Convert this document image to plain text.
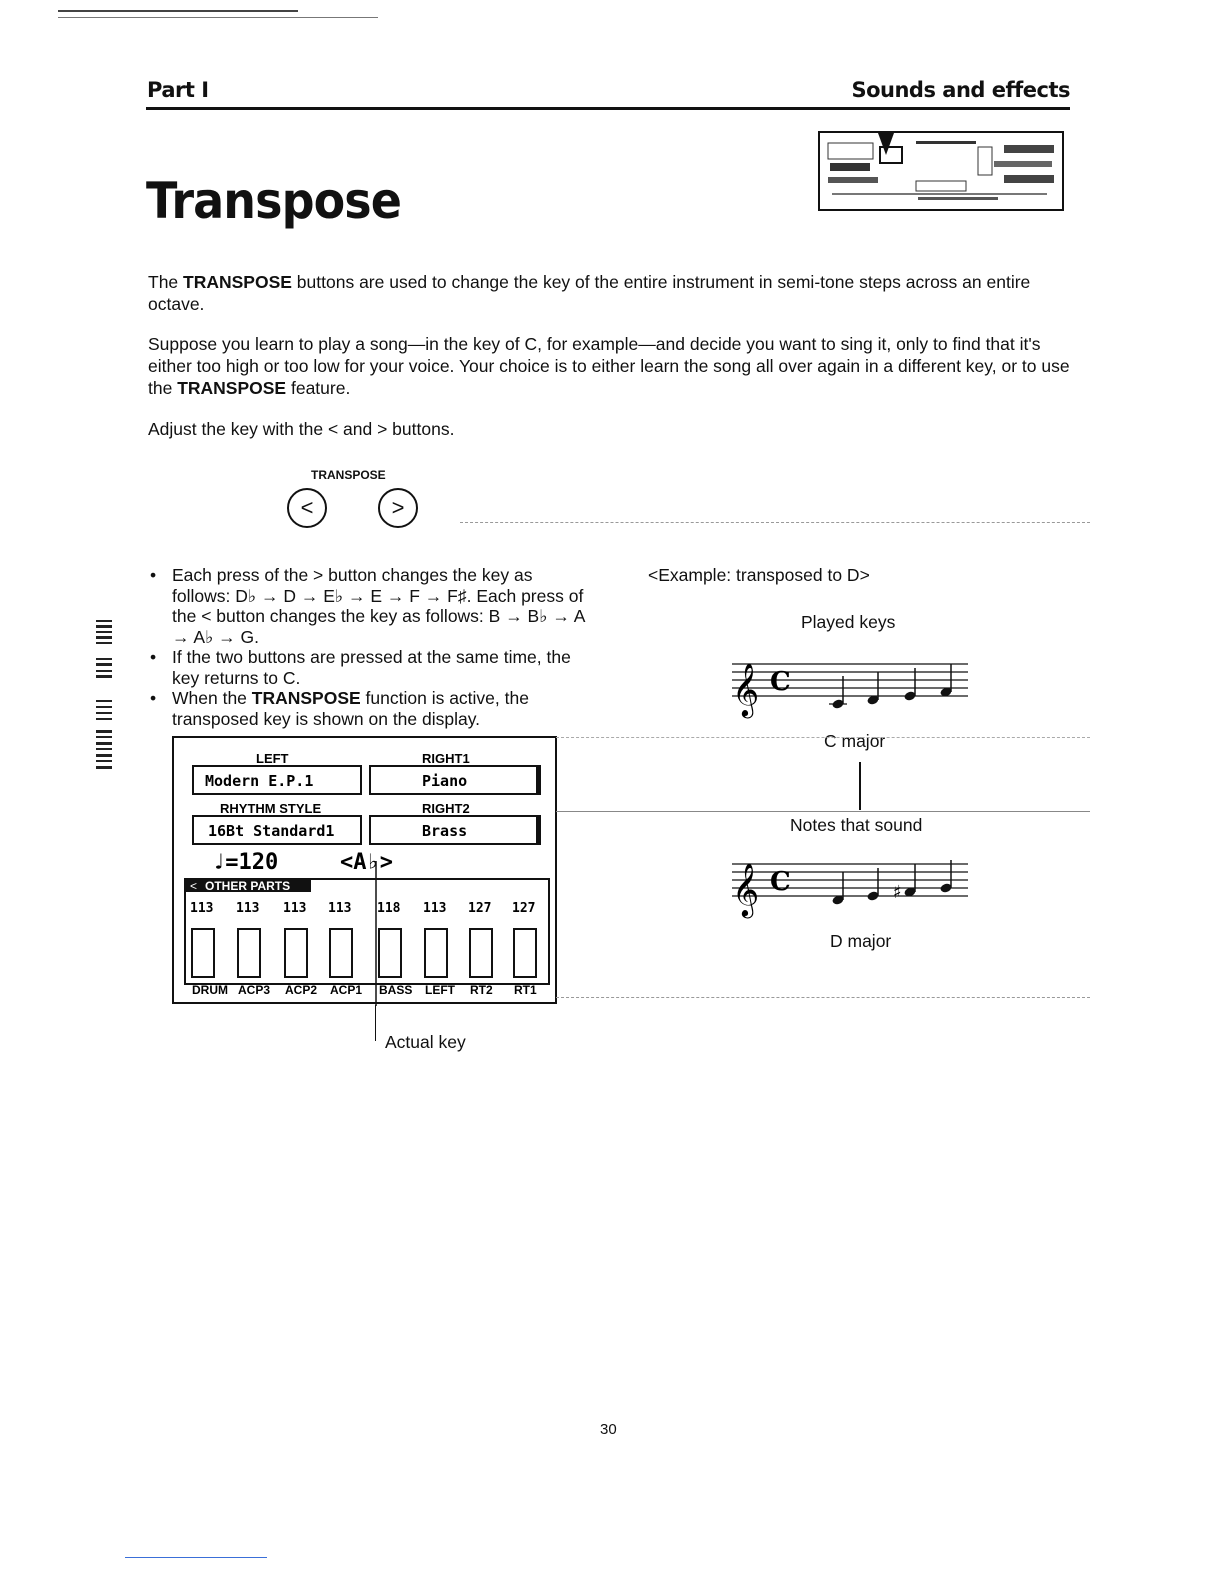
Part I	Sounds and effects
Transpose

The TRANSPOSE buttons are used to change the key of the entire instrument in semi-tone steps across an entire octave.

Suppose you learn to play a song—in the key of C, for example—and decide you want to sing it, only to find that it's either too high or too low for your voice. Your choice is to either learn the song all over again in a different key, or to use the TRANSPOSE feature.

Adjust the key with the < and > buttons.

TRANSPOSE
<	>
• Each press of the > button changes the key as follows: D♭ → D → E♭ → E → F → F♯. Each press of the < button changes the key as follows: B → B♭ → A → A♭ → G.
• If the two buttons are pressed at the same time, the key returns to C.
• When the TRANSPOSE function is active, the transposed key is shown on the display.
LEFT	RIGHT1
Modern E.P.1	Piano
RHYTHM STYLE	RIGHT2
16Bt Standard1	Brass
♩=120	<A♭>
< OTHER PARTS
113 113 113 113 118 113 127 127
DRUM ACP3 ACP2 ACP1 BASS LEFT RT2 RT1
Actual key
<Example: transposed to D>
Played keys
𝄞 C
C major
Notes that sound
𝄞 C	♯
D major
30
